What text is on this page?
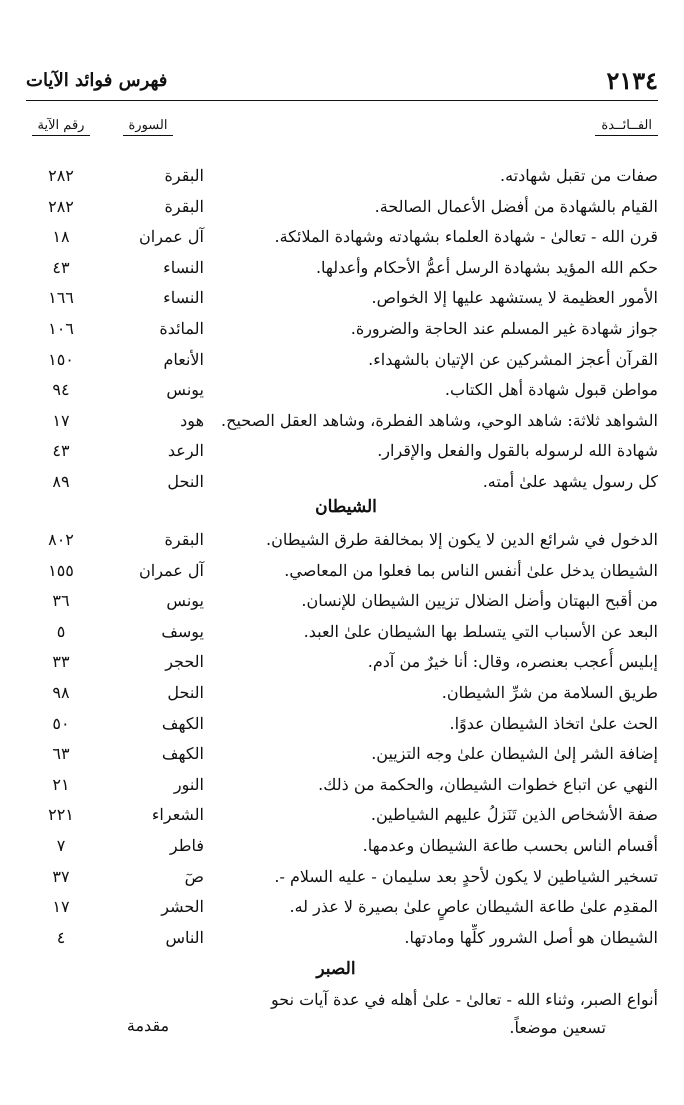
٢١٣٤
فهرس فوائد الآيات
الفــائــدة
السورة
رقم الآية
صفات من تقبل شهادته.
البقرة
٢٨٢
القيام بالشهادة من أفضل الأعمال الصالحة.
البقرة
٢٨٢
قرن الله - تعالىٰ - شهادة العلماء بشهادته وشهادة الملائكة.
آل عمران
١٨
حكم الله المؤيد بشهادة الرسل أعمُّ الأحكام وأعدلها.
النساء
٤٣
الأمور العظيمة لا يستشهد عليها إلا الخواص.
النساء
١٦٦
جواز شهادة غير المسلم عند الحاجة والضرورة.
المائدة
١٠٦
القرآن أعجز المشركين عن الإتيان بالشهداء.
الأنعام
١٥٠
مواطن قبول شهادة أهل الكتاب.
يونس
٩٤
الشواهد ثلاثة: شاهد الوحي، وشاهد الفطرة، وشاهد العقل الصحيح.
هود
١٧
شهادة الله لرسوله بالقول والفعل والإقرار.
الرعد
٤٣
كل رسول يشهد علىٰ أمته.
النحل
٨٩
الشيطان
الدخول في شرائع الدين لا يكون إلا بمخالفة طرق الشيطان.
البقرة
٨٠٢
الشيطان يدخل علىٰ أنفس الناس بما فعلوا من المعاصي.
آل عمران
١٥٥
من أقبح البهتان وأضل الضلال تزيين الشيطان للإنسان.
يونس
٣٦
البعد عن الأسباب التي يتسلط بها الشيطان علىٰ العبد.
يوسف
٥
إبليس أُعجب بعنصره، وقال: أنا خيرٌ من آدم.
الحجر
٣٣
طريق السلامة من شرِّ الشيطان.
النحل
٩٨
الحث علىٰ اتخاذ الشيطان عدوًا.
الكهف
٥٠
إضافة الشر إلىٰ الشيطان علىٰ وجه التزيين.
الكهف
٦٣
النهي عن اتباع خطوات الشيطان، والحكمة من ذلك.
النور
٢١
صفة الأشخاص الذين تَنَزلُ عليهم الشياطين.
الشعراء
٢٢١
أقسام الناس بحسب طاعة الشيطان وعدمها.
فاطر
٧
تسخير الشياطين لا يكون لأحدٍ بعد سليمان - عليه السلام -.
صٓ
٣٧
المقدِم علىٰ طاعة الشيطان عاصٍ علىٰ بصيرة لا عذر له.
الحشر
١٧
الشيطان هو أصل الشرور كلِّها ومادتها.
الناس
٤
الصبر
أنواع الصبر، وثناء الله - تعالىٰ - علىٰ أهله في عدة آيات نحو
تسعين موضعاً.
مقدمة
